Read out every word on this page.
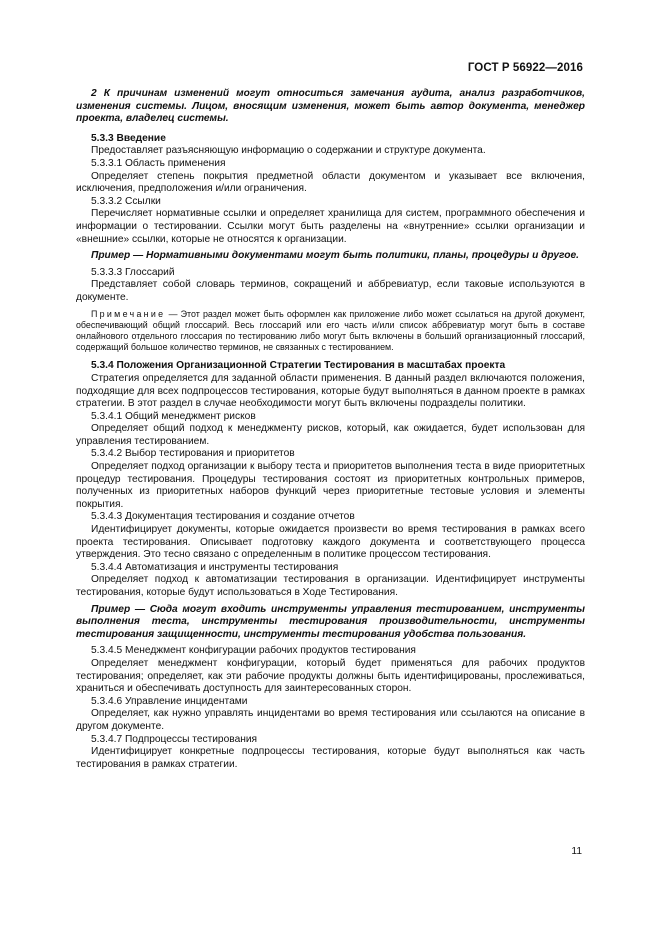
ГОСТ Р 56922—2016

2 К причинам изменений могут относиться замечания аудита, анализ разработчиков, изменения системы. Лицом, вносящим изменения, может быть автор документа, менеджер проекта, владелец системы.

5.3.3 Введение

Предоставляет разъясняющую информацию о содержании и структуре документа.

5.3.3.1 Область применения

Определяет степень покрытия предметной области документом и указывает все включения, исключения, предположения и/или ограничения.

5.3.3.2 Ссылки

Перечисляет нормативные ссылки и определяет хранилища для систем, программного обеспечения и информации о тестировании. Ссылки могут быть разделены на «внутренние» ссылки организации и «внешние» ссылки, которые не относятся к организации.

Пример — Нормативными документами могут быть политики, планы, процедуры и другое.

5.3.3.3 Глоссарий

Представляет собой словарь терминов, сокращений и аббревиатур, если таковые используются в документе.

Примечание — Этот раздел может быть оформлен как приложение либо может ссылаться на другой документ, обеспечивающий общий глоссарий. Весь глоссарий или его часть и/или список аббревиатур могут быть в составе онлайнового отдельного глоссария по тестированию либо могут быть включены в больший организационный глоссарий, содержащий большое количество терминов, не связанных с тестированием.

5.3.4 Положения Организационной Стратегии Тестирования в масштабах проекта

Стратегия определяется для заданной области применения. В данный раздел включаются положения, подходящие для всех подпроцессов тестирования, которые будут выполняться в данном проекте в рамках стратегии. В этот раздел в случае необходимости могут быть включены подразделы политики.

5.3.4.1 Общий менеджмент рисков

Определяет общий подход к менеджменту рисков, который, как ожидается, будет использован для управления тестированием.

5.3.4.2 Выбор тестирования и приоритетов

Определяет подход организации к выбору теста и приоритетов выполнения теста в виде приоритетных процедур тестирования. Процедуры тестирования состоят из приоритетных контрольных примеров, полученных из приоритетных наборов функций через приоритетные тестовые условия и элементы покрытия.

5.3.4.3 Документация тестирования и создание отчетов

Идентифицирует документы, которые ожидается произвести во время тестирования в рамках всего проекта тестирования. Описывает подготовку каждого документа и соответствующего процесса утверждения. Это тесно связано с определенным в политике процессом тестирования.

5.3.4.4 Автоматизация и инструменты тестирования

Определяет подход к автоматизации тестирования в организации. Идентифицирует инструменты тестирования, которые будут использоваться в Ходе Тестирования.

Пример — Сюда могут входить инструменты управления тестированием, инструменты выполнения теста, инструменты тестирования производительности, инструменты тестирования защищенности, инструменты тестирования удобства пользования.

5.3.4.5 Менеджмент конфигурации рабочих продуктов тестирования

Определяет менеджмент конфигурации, который будет применяться для рабочих продуктов тестирования; определяет, как эти рабочие продукты должны быть идентифицированы, прослеживаться, храниться и обеспечивать доступность для заинтересованных сторон.

5.3.4.6 Управление инцидентами

Определяет, как нужно управлять инцидентами во время тестирования или ссылаются на описание в другом документе.

5.3.4.7 Подпроцессы тестирования

Идентифицирует конкретные подпроцессы тестирования, которые будут выполняться как часть тестирования в рамках стратегии.

11
